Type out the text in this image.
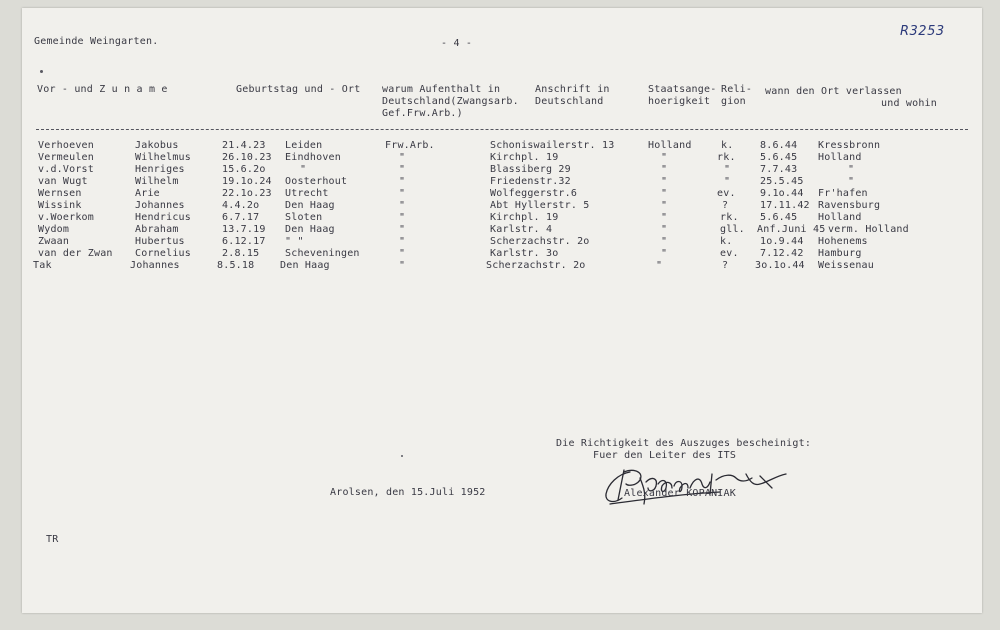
Gemeinde Weingarten.	- 4 -
R3253
Vor - und Z u n a m e	Geburtstag und - Ort warum Aufenthalt in
Deutschland(Zwangsarb.
Gef.Frw.Arb.)
Anschrift in
Deutschland
Staatsange-
hoerigkeit
Reli-
gion
wann den Ort verlassen
und wohin
Verhoeven	Jakobus	21.4.23 Leiden	Frw.Arb.	Schoniswailerstr. 13	Holland	k.	8.6.44 Kressbronn
Vermeulen	Wilhelmus	26.10.23 Eindhoven	"	Kirchpl. 19	"	rk. 5.6.45 Holland
v.d.Vorst	Henriges	15.6.2o	"	"	Blassiberg 29	"	"	7.7.43	"
van Wugt	Wilhelm	19.1o.24 Oosterhout	"	Friedenstr.32	"	"	25.5.45	"
Wernsen	Arie	22.1o.23 Utrecht	"	Wolfeggerstr.6	"	ev. 9.1o.44 Fr'hafen
Wissink	Johannes	4.4.2o	Den Haag	"	Abt Hyllerstr. 5	"	?	17.11.42 Ravensburg
v.Woerkom	Hendricus	6.7.17	Sloten	"	Kirchpl. 19	"	rk. 5.6.45 Holland
Wydom	Abraham	13.7.19 Den Haag	"	Karlstr. 4	"	gll. Anf.Juni 45 verm. Holland
Zwaan	Hubertus	6.12.17 " "	"	Scherzachstr. 2o	"	k.	1o.9.44 Hohenems
van der Zwan Cornelius	2.8.15	Scheveningen	"	Karlstr. 3o	"	ev. 7.12.42 Hamburg
Tak	Johannes	8.5.18	Den Haag	"	Scherzachstr. 2o	"	?	3o.1o.44 Weissenau
Die Richtigkeit des Auszuges bescheinigt:
Fuer den Leiter des ITS
Alexander KOPANIAK
Arolsen, den 15.Juli 1952
TR
